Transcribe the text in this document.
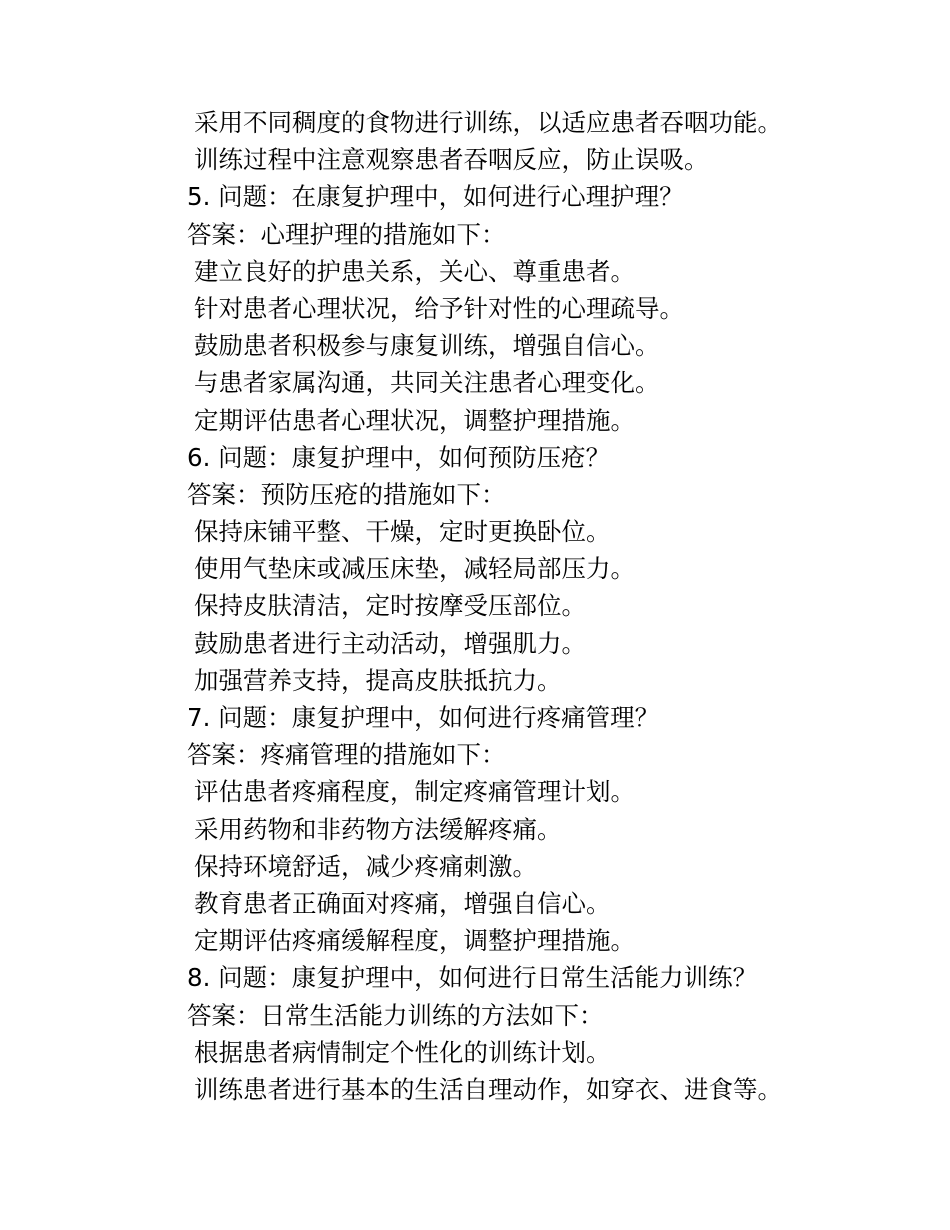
采用不同稠度的食物进行训练，以适应患者吞咽功能。
训练过程中注意观察患者吞咽反应，防止误吸。
5. 问题：在康复护理中，如何进行心理护理？
答案：心理护理的措施如下：
建立良好的护患关系，关心、尊重患者。
针对患者心理状况，给予针对性的心理疏导。
鼓励患者积极参与康复训练，增强自信心。
与患者家属沟通，共同关注患者心理变化。
定期评估患者心理状况，调整护理措施。
6. 问题：康复护理中，如何预防压疮？
答案：预防压疮的措施如下：
保持床铺平整、干燥，定时更换卧位。
使用气垫床或减压床垫，减轻局部压力。
保持皮肤清洁，定时按摩受压部位。
鼓励患者进行主动活动，增强肌力。
加强营养支持，提高皮肤抵抗力。
7. 问题：康复护理中，如何进行疼痛管理？
答案：疼痛管理的措施如下：
评估患者疼痛程度，制定疼痛管理计划。
采用药物和非药物方法缓解疼痛。
保持环境舒适，减少疼痛刺激。
教育患者正确面对疼痛，增强自信心。
定期评估疼痛缓解程度，调整护理措施。
8. 问题：康复护理中，如何进行日常生活能力训练？
答案：日常生活能力训练的方法如下：
根据患者病情制定个性化的训练计划。
训练患者进行基本的生活自理动作，如穿衣、进食等。
